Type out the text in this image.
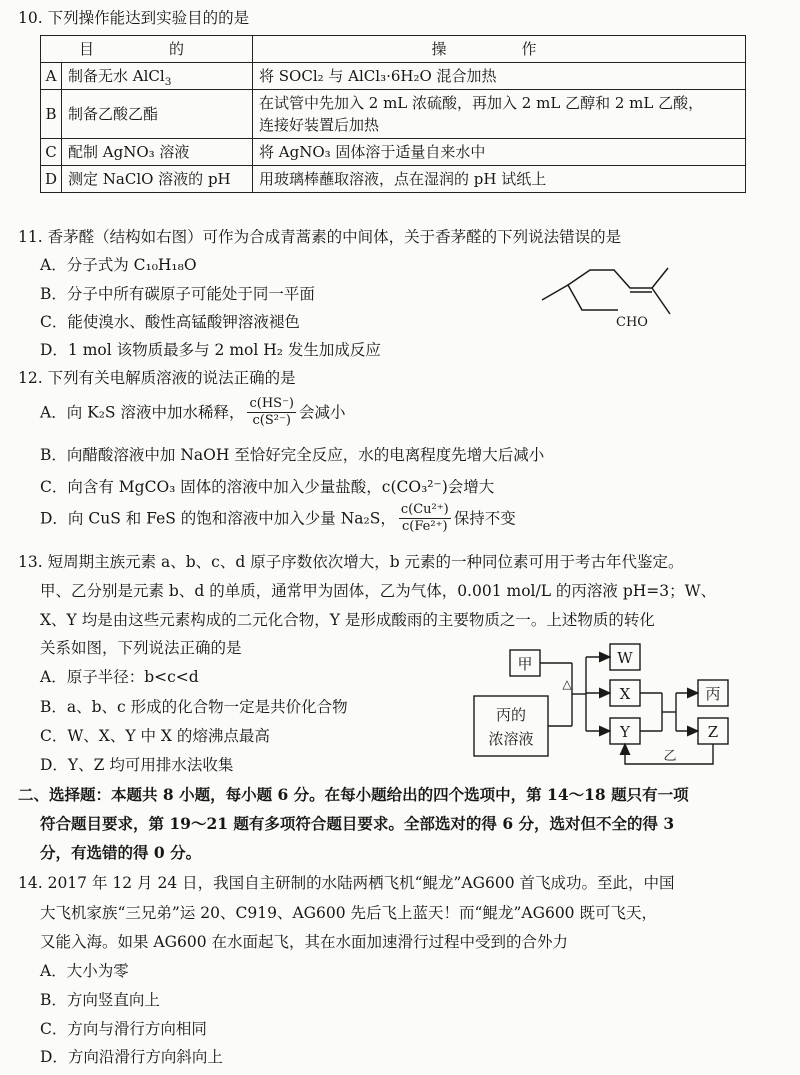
10. 下列操作能达到实验目的的是
目　的		操　作
A	制备无水 AlCl$_3$	将 SOCl₂ 与 AlCl₃·6H₂O 混合加热
B	制备乙酸乙酯	在试管中先加入 2 mL 浓硫酸，再加入 2 mL 乙醇和 2 mL 乙酸，
连接好装置后加热

C	配制 AgNO₃ 溶液	将 AgNO₃ 固体溶于适量自来水中
D	测定 NaClO 溶液的 pH	用玻璃棒蘸取溶液，点在湿润的 pH 试纸上
11. 香茅醛（结构如右图）可作为合成青蒿素的中间体，关于香茅醛的下列说法错误的是
A．分子式为 C₁₀H₁₈O
B．分子中所有碳原子可能处于同一平面
C．能使溴水、酸性高锰酸钾溶液褪色
D．1 mol 该物质最多与 2 mol H₂ 发生加成反应
CHO
12. 下列有关电解质溶液的说法正确的是
A．向 K₂S 溶液中加水稀释， $\frac{c(HS^-)}{\text{c(S²⁻)}}$ 会减小
B．向醋酸溶液中加 NaOH 至恰好完全反应，水的电离程度先增大后减小
C．向含有 MgCO₃ 固体的溶液中加入少量盐酸，c(CO₃²⁻)会增大
D．向 CuS 和 FeS 的饱和溶液中加入少量 Na₂S， $\frac{\text{c(Cu²⁺)}}{\text{c(Fe²⁺)}}$ 保持不变
13. 短周期主族元素 a、b、c、d 原子序数依次增大，b 元素的一种同位素可用于考古年代鉴定。
甲、乙分别是元素 b、d 的单质，通常甲为固体，乙为气体，0.001 mol/L 的丙溶液 pH=3；W、
X、Y 均是由这些元素构成的二元化合物，Y 是形成酸雨的主要物质之一。上述物质的转化
关系如图，下列说法正确的是
A．原子半径：b<c<d
B．a、b、c 形成的化合物一定是共价化合物
C．W、X、Y 中 X 的熔沸点最高
D．Y、Z 均可用排水法收集
甲
丙的
浓溶液
△
W
X
Y
丙
Z
乙
二、选择题：本题共 8 小题，每小题 6 分。在每小题给出的四个选项中，第 14～18 题只有一项
符合题目要求，第 19～21 题有多项符合题目要求。全部选对的得 6 分，选对但不全的得 3
分，有选错的得 0 分。
14. 2017 年 12 月 24 日，我国自主研制的水陆两栖飞机“鲲龙”AG600 首飞成功。至此，中国
大飞机家族“三兄弟”运 20、C919、AG600 先后飞上蓝天！而“鲲龙”AG600 既可飞天，
又能入海。如果 AG600 在水面起飞，其在水面加速滑行过程中受到的合外力
A．大小为零
B．方向竖直向上
C．方向与滑行方向相同
D．方向沿滑行方向斜向上
